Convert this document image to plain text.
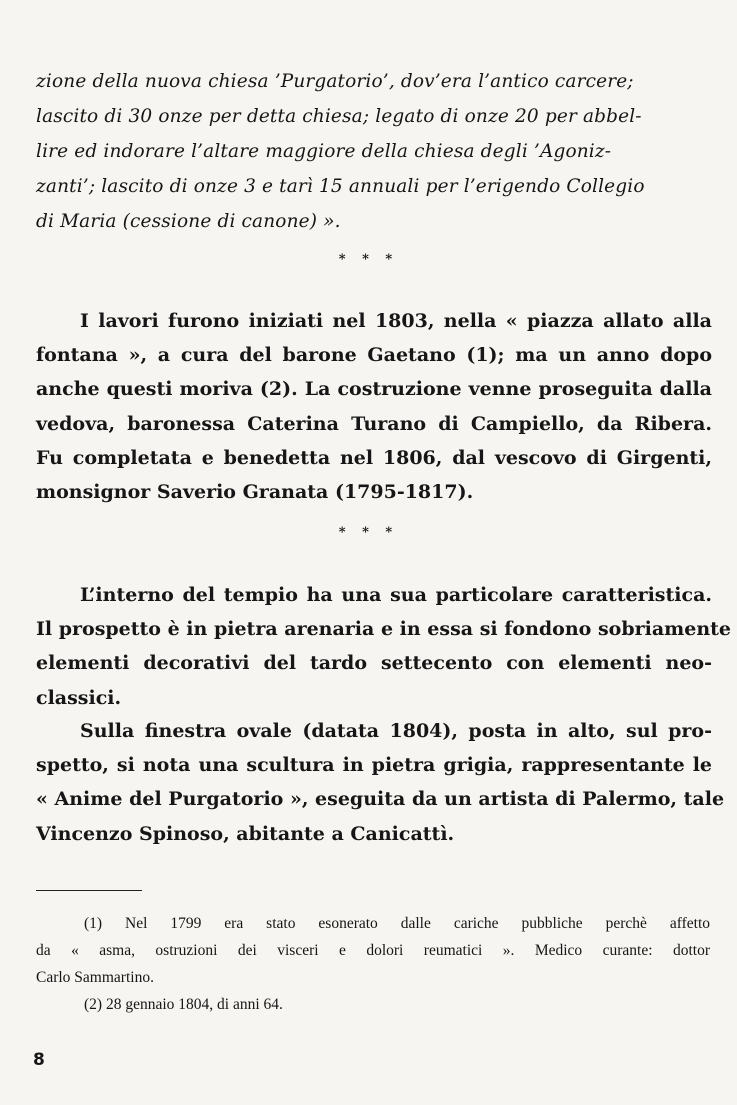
zione della nuova chiesa ’Purgatorio’, dov’era l’antico carcere;
lascito di 30 onze per detta chiesa; legato di onze 20 per abbel-
lire ed indorare l’altare maggiore della chiesa degli ’Agoniz-
zanti’; lascito di onze 3 e tarì 15 annuali per l’erigendo Collegio
di Maria (cessione di canone) ».
* * *
I lavori furono iniziati nel 1803, nella « piazza allato alla
fontana », a cura del barone Gaetano (1); ma un anno dopo
anche questi moriva (2). La costruzione venne proseguita dalla
vedova, baronessa Caterina Turano di Campiello, da Ribera.
Fu completata e benedetta nel 1806, dal vescovo di Girgenti,
monsignor Saverio Granata (1795-1817).
* * *
L’interno del tempio ha una sua particolare caratteristica.
Il prospetto è in pietra arenaria e in essa si fondono sobriamente
elementi decorativi del tardo settecento con elementi neo-
classici.
Sulla finestra ovale (datata 1804), posta in alto, sul pro-
spetto, si nota una scultura in pietra grigia, rappresentante le
« Anime del Purgatorio », eseguita da un artista di Palermo, tale
Vincenzo Spinoso, abitante a Canicattì.
(1) Nel 1799 era stato esonerato dalle cariche pubbliche perchè affetto
da « asma, ostruzioni dei visceri e dolori reumatici ». Medico curante: dottor
Carlo Sammartino.
(2) 28 gennaio 1804, di anni 64.
8
